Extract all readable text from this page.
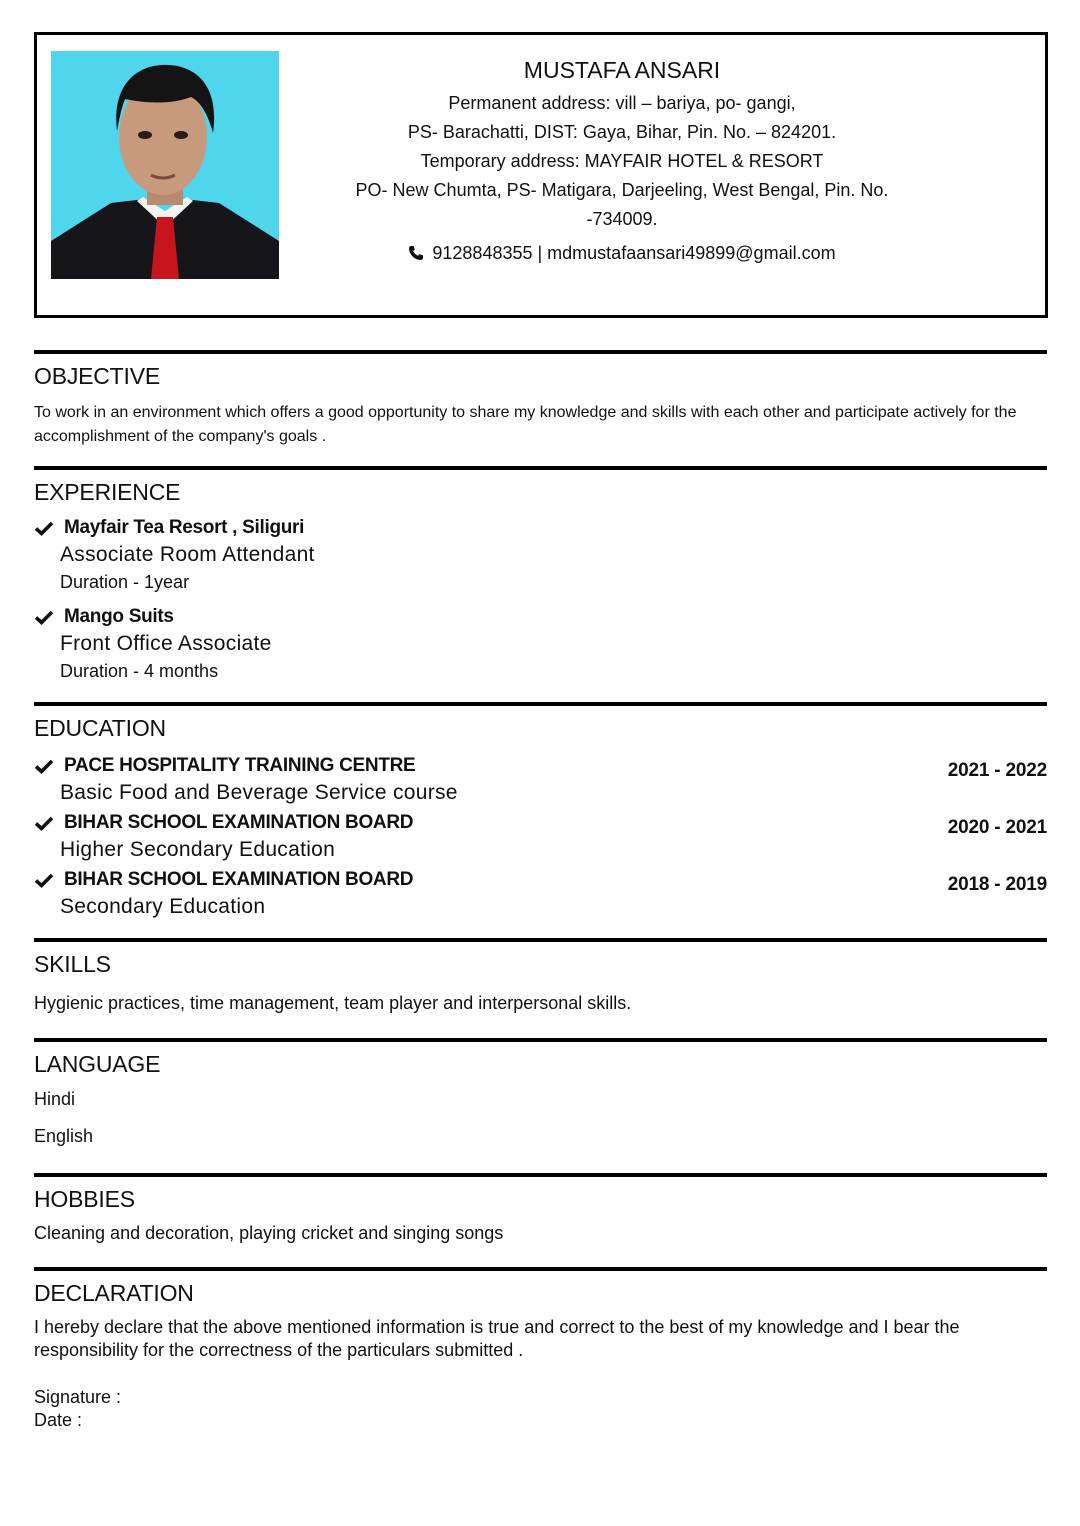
MUSTAFA ANSARI
Permanent address: vill – bariya, po- gangi,
PS- Barachatti, DIST: Gaya, Bihar, Pin. No. – 824201.
Temporary address: MAYFAIR HOTEL & RESORT
PO- New Chumta, PS- Matigara, Darjeeling, West Bengal, Pin. No.
-734009.
9128848355 | mdmustafaansari49899@gmail.com
OBJECTIVE
To work in an environment which offers a good opportunity to share my knowledge and skills with each other and participate actively for the accomplishment of the company's goals .
EXPERIENCE
Mayfair Tea Resort , Siliguri
Associate Room Attendant
Duration - 1year
Mango Suits
Front Office Associate
Duration - 4 months
EDUCATION
PACE HOSPITALITY TRAINING CENTRE	2021 - 2022
Basic Food and Beverage Service course
BIHAR SCHOOL EXAMINATION BOARD	2020 - 2021
Higher Secondary Education
BIHAR SCHOOL EXAMINATION BOARD	2018 - 2019
Secondary Education
SKILLS
Hygienic practices, time management, team player and interpersonal skills.
LANGUAGE
Hindi
English
HOBBIES
Cleaning and decoration, playing cricket and singing songs
DECLARATION
I hereby declare that the above mentioned information is true and correct to the best of my knowledge and I bear the responsibility for the correctness of the particulars submitted .
Signature :
Date :
